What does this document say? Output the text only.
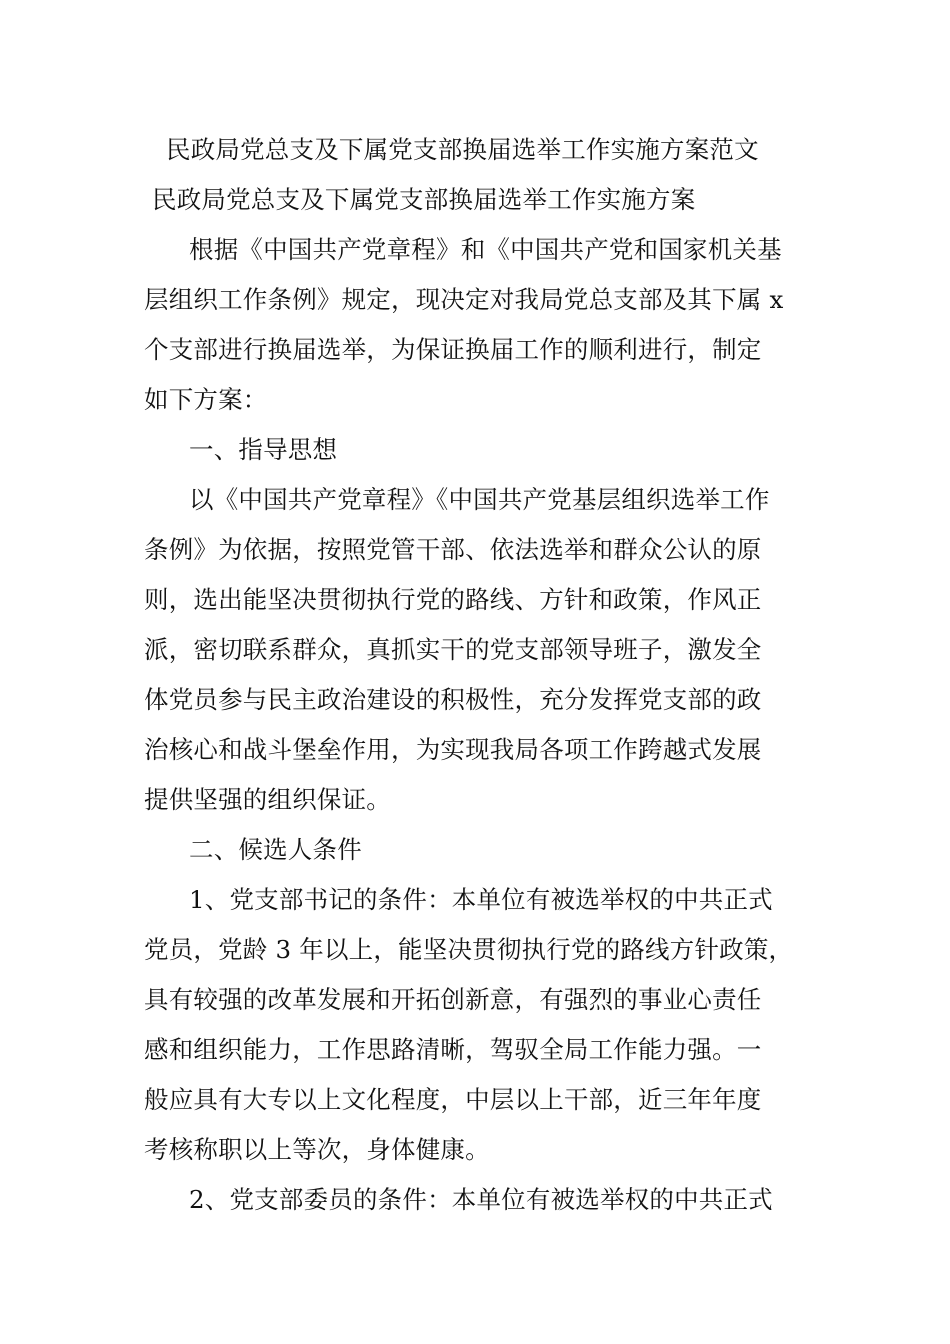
民政局党总支及下属党支部换届选举工作实施方案范文
民政局党总支及下属党支部换届选举工作实施方案
根据《中国共产党章程》和《中国共产党和国家机关基
层组织工作条例》规定，现决定对我局党总支部及其下属 x
个支部进行换届选举，为保证换届工作的顺利进行，制定
如下方案：
一、指导思想
以《中国共产党章程》《中国共产党基层组织选举工作
条例》为依据，按照党管干部、依法选举和群众公认的原
则，选出能坚决贯彻执行党的路线、方针和政策，作风正
派，密切联系群众，真抓实干的党支部领导班子，激发全
体党员参与民主政治建设的积极性，充分发挥党支部的政
治核心和战斗堡垒作用，为实现我局各项工作跨越式发展
提供坚强的组织保证。
二、候选人条件
1、党支部书记的条件：本单位有被选举权的中共正式
党员，党龄 3 年以上，能坚决贯彻执行党的路线方针政策，
具有较强的改革发展和开拓创新意，有强烈的事业心责任
感和组织能力，工作思路清晰，驾驭全局工作能力强。一
般应具有大专以上文化程度，中层以上干部，近三年年度
考核称职以上等次，身体健康。
2、党支部委员的条件：本单位有被选举权的中共正式
